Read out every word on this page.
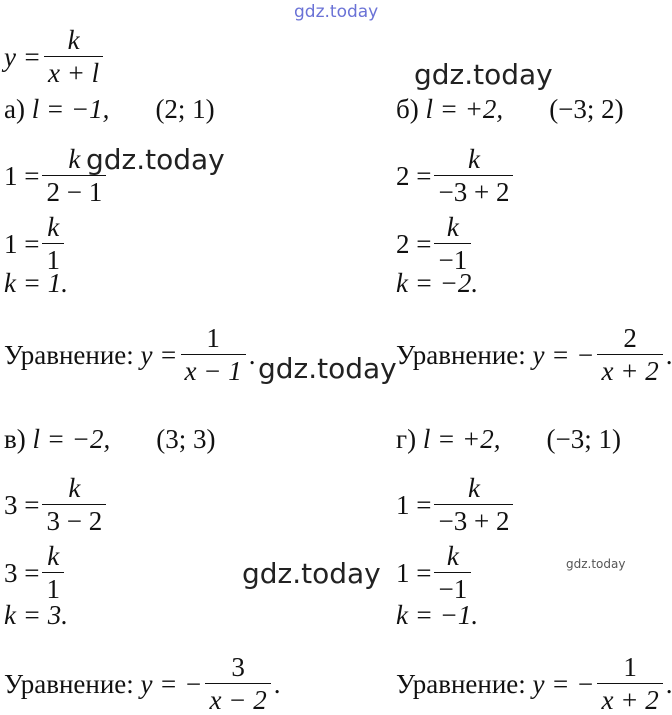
gdz.today
gdz.today
gdz.today
gdz.today
gdz.today	gdz.today
$y = \frac{k}{x + l}$
а)
l = −1, (2; 1)
$1 = \frac{k}{2 - 1}$
$1 = \frac{k}{1}$
k = 1.
Уравнение:
$y = \frac{1}{x - 1}$ .
б)
l = +2, (−3; 2)
$2 = \frac{k}{-3 + 2}$
$2 = \frac{k}{-1}$
k = −2.
Уравнение:
y = − $\frac{2}{x + 2}$ .
в)
l = −2, (3; 3)
$3 = \frac{k}{3 - 2}$
$3 = \frac{k}{1}$
k = 3.
Уравнение:
y = − $\frac{3}{x - 2}$ .
г)
l = +2, (−3; 1)
$1 = \frac{k}{-3 + 2}$
$1 = \frac{k}{-1}$
k = −1.
Уравнение:
y = − $\frac{1}{x + 2}$ .
